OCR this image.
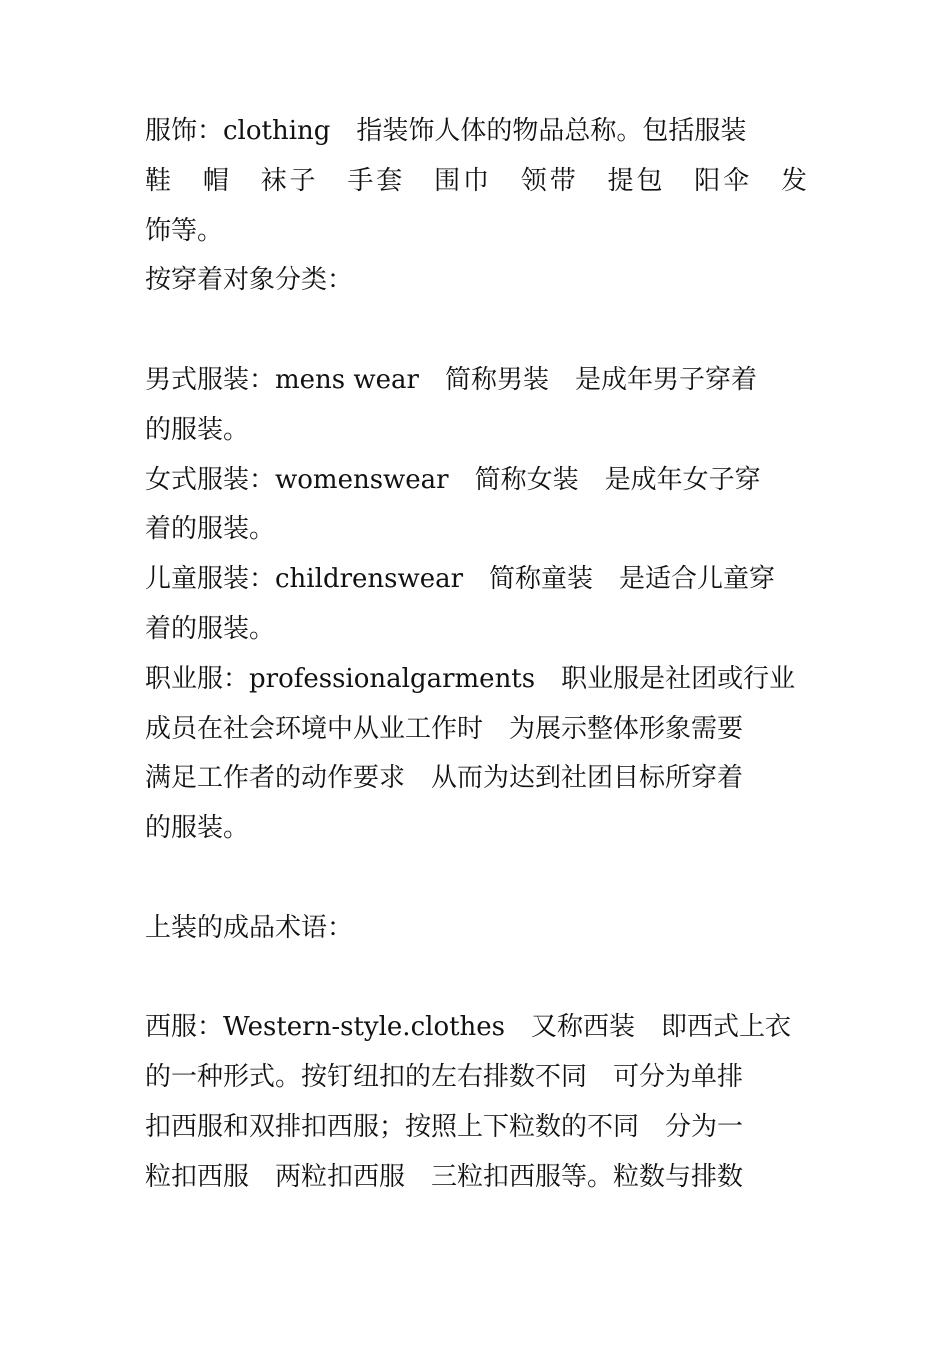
服饰：clothing　指装饰人体的物品总称。包括服装
鞋　帽　袜子　手套　围巾　领带　提包　阳伞　发
饰等。
按穿着对象分类：
男式服装：mens wear　简称男装　是成年男子穿着
的服装。
女式服装：womenswear　简称女装　是成年女子穿
着的服装。
儿童服装：childrenswear　简称童装　是适合儿童穿
着的服装。
职业服：professionalgarments　职业服是社团或行业
成员在社会环境中从业工作时　为展示整体形象需要
满足工作者的动作要求　从而为达到社团目标所穿着
的服装。
上装的成品术语：
西服：Western-style.clothes　又称西装　即西式上衣
的一种形式。按钉纽扣的左右排数不同　可分为单排
扣西服和双排扣西服；按照上下粒数的不同　分为一
粒扣西服　两粒扣西服　三粒扣西服等。粒数与排数
